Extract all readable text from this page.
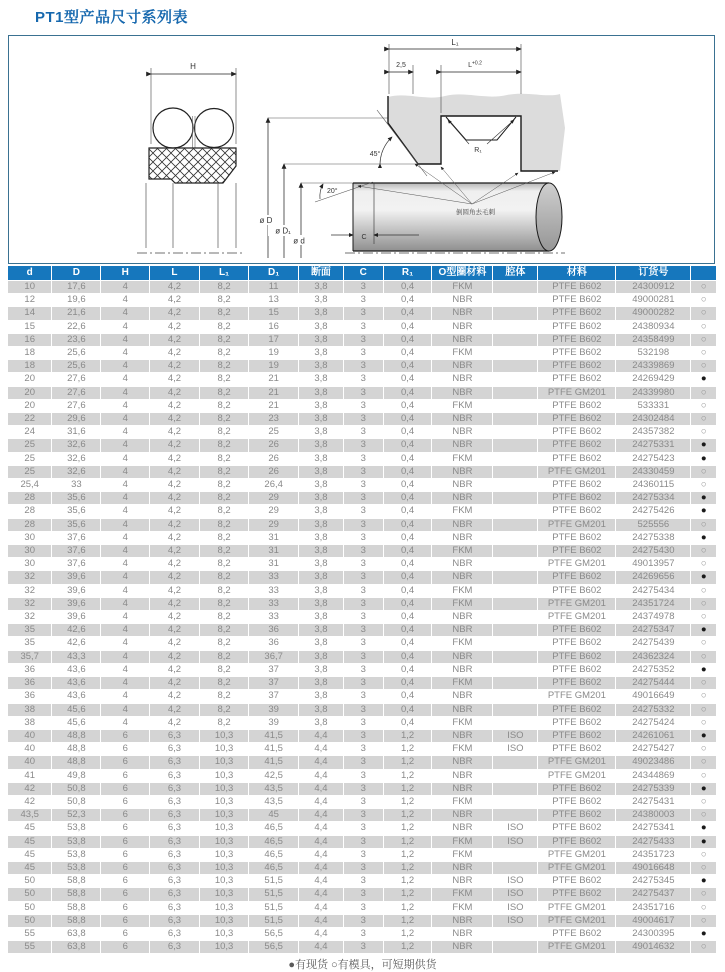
PT1型产品尺寸系列表
H
ø D
ø D₁
ø d
R₁
45°
L₁
2,5	$L^{+0.2}$
20°
C
倒圆角去毛刺
d	D	H	L	L₁	D₁	断面	C	R₁	O型圈材料	腔体	材料	订货号	
10	17,6	4	4,2	8,2	11	3,8	3	0,4	FKM		PTFE B602	24300912	○
12	19,6	4	4,2	8,2	13	3,8	3	0,4	NBR		PTFE B602	49000281	○
14	21,6	4	4,2	8,2	15	3,8	3	0,4	NBR		PTFE B602	49000282	○
15	22,6	4	4,2	8,2	16	3,8	3	0,4	NBR		PTFE B602	24380934	○
16	23,6	4	4,2	8,2	17	3,8	3	0,4	NBR		PTFE B602	24358499	○
18	25,6	4	4,2	8,2	19	3,8	3	0,4	FKM		PTFE B602	532198	○
18	25,6	4	4,2	8,2	19	3,8	3	0,4	NBR		PTFE B602	24339869	○
20	27,6	4	4,2	8,2	21	3,8	3	0,4	NBR		PTFE B602	24269429	●
20	27,6	4	4,2	8,2	21	3,8	3	0,4	NBR		PTFE GM201	24339980	○
20	27,6	4	4,2	8,2	21	3,8	3	0,4	FKM		PTFE B602	533331	○
22	29,6	4	4,2	8,2	23	3,8	3	0,4	NBR		PTFE B602	24302484	○
24	31,6	4	4,2	8,2	25	3,8	3	0,4	NBR		PTFE B602	24357382	○
25	32,6	4	4,2	8,2	26	3,8	3	0,4	NBR		PTFE B602	24275331	●
25	32,6	4	4,2	8,2	26	3,8	3	0,4	FKM		PTFE B602	24275423	●
25	32,6	4	4,2	8,2	26	3,8	3	0,4	NBR		PTFE GM201	24330459	○
25,4	33	4	4,2	8,2	26,4	3,8	3	0,4	NBR		PTFE B602	24360115	○
28	35,6	4	4,2	8,2	29	3,8	3	0,4	NBR		PTFE B602	24275334	●
28	35,6	4	4,2	8,2	29	3,8	3	0,4	FKM		PTFE B602	24275426	●
28	35,6	4	4,2	8,2	29	3,8	3	0,4	NBR		PTFE GM201	525556	○
30	37,6	4	4,2	8,2	31	3,8	3	0,4	NBR		PTFE B602	24275338	●
30	37,6	4	4,2	8,2	31	3,8	3	0,4	FKM		PTFE B602	24275430	○
30	37,6	4	4,2	8,2	31	3,8	3	0,4	NBR		PTFE GM201	49013957	○
32	39,6	4	4,2	8,2	33	3,8	3	0,4	NBR		PTFE B602	24269656	●
32	39,6	4	4,2	8,2	33	3,8	3	0,4	FKM		PTFE B602	24275434	○
32	39,6	4	4,2	8,2	33	3,8	3	0,4	FKM		PTFE GM201	24351724	○
32	39,6	4	4,2	8,2	33	3,8	3	0,4	NBR		PTFE GM201	24374978	○
35	42,6	4	4,2	8,2	36	3,8	3	0,4	NBR		PTFE B602	24275347	●
35	42,6	4	4,2	8,2	36	3,8	3	0,4	FKM		PTFE B602	24275439	○
35,7	43,3	4	4,2	8,2	36,7	3,8	3	0,4	NBR		PTFE B602	24362324	○
36	43,6	4	4,2	8,2	37	3,8	3	0,4	NBR		PTFE B602	24275352	●
36	43,6	4	4,2	8,2	37	3,8	3	0,4	FKM		PTFE B602	24275444	○
36	43,6	4	4,2	8,2	37	3,8	3	0,4	NBR		PTFE GM201	49016649	○
38	45,6	4	4,2	8,2	39	3,8	3	0,4	NBR		PTFE B602	24275332	○
38	45,6	4	4,2	8,2	39	3,8	3	0,4	FKM		PTFE B602	24275424	○
40	48,8	6	6,3	10,3	41,5	4,4	3	1,2	NBR	ISO	PTFE B602	24261061	●
40	48,8	6	6,3	10,3	41,5	4,4	3	1,2	FKM	ISO	PTFE B602	24275427	○
40	48,8	6	6,3	10,3	41,5	4,4	3	1,2	NBR		PTFE GM201	49023486	○
41	49,8	6	6,3	10,3	42,5	4,4	3	1,2	NBR		PTFE GM201	24344869	○
42	50,8	6	6,3	10,3	43,5	4,4	3	1,2	NBR		PTFE B602	24275339	●
42	50,8	6	6,3	10,3	43,5	4,4	3	1,2	FKM		PTFE B602	24275431	○
43,5	52,3	6	6,3	10,3	45	4,4	3	1,2	NBR		PTFE B602	24380003	○
45	53,8	6	6,3	10,3	46,5	4,4	3	1,2	NBR	ISO	PTFE B602	24275341	●
45	53,8	6	6,3	10,3	46,5	4,4	3	1,2	FKM	ISO	PTFE B602	24275433	●
45	53,8	6	6,3	10,3	46,5	4,4	3	1,2	FKM		PTFE GM201	24351723	○
45	53,8	6	6,3	10,3	46,5	4,4	3	1,2	NBR		PTFE GM201	49016648	○
50	58,8	6	6,3	10,3	51,5	4,4	3	1,2	NBR	ISO	PTFE B602	24275345	●
50	58,8	6	6,3	10,3	51,5	4,4	3	1,2	FKM	ISO	PTFE B602	24275437	○
50	58,8	6	6,3	10,3	51,5	4,4	3	1,2	FKM	ISO	PTFE GM201	24351716	○
50	58,8	6	6,3	10,3	51,5	4,4	3	1,2	NBR	ISO	PTFE GM201	49004617	○
55	63,8	6	6,3	10,3	56,5	4,4	3	1,2	NBR		PTFE B602	24300395	●
55	63,8	6	6,3	10,3	56,5	4,4	3	1,2	NBR		PTFE GM201	49014632	○
●有现货 ○有模具，可短期供货
